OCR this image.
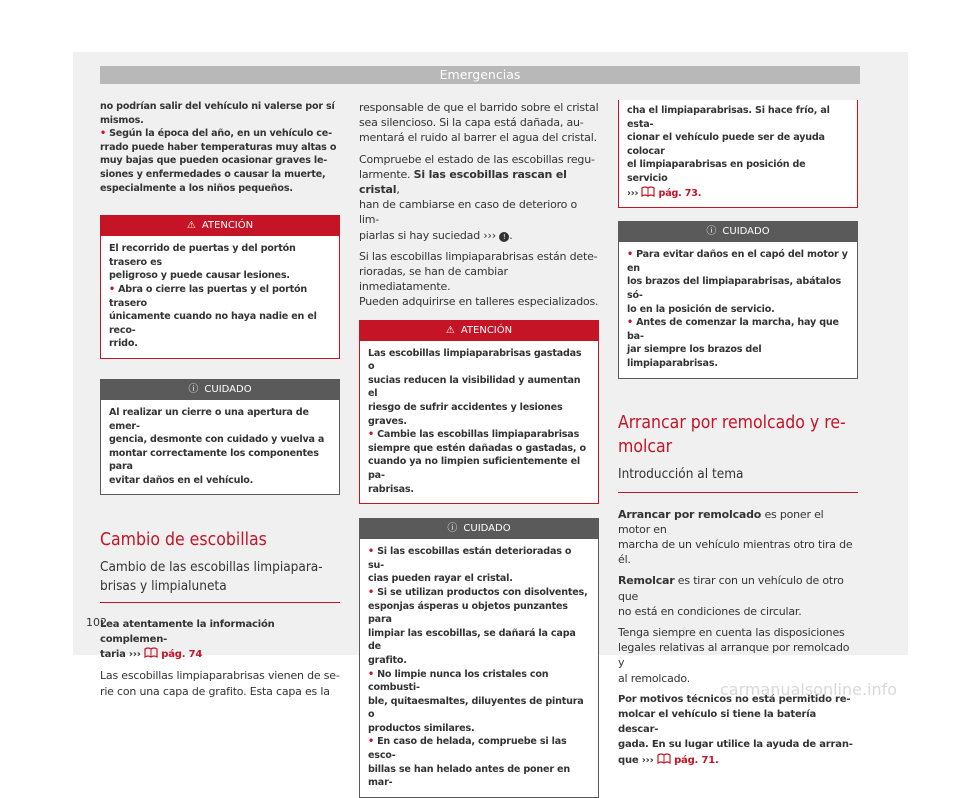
Emergencias
no podrían salir del vehículo ni valerse por sí
mismos.
• Según la época del año, en un vehículo ce-
rrado puede haber temperaturas muy altas o
muy bajas que pueden ocasionar graves le-
siones y enfermedades o causar la muerte,
especialmente a los niños pequeños.
⚠ ATENCIÓN
El recorrido de puertas y del portón trasero es
peligroso y puede causar lesiones.
• Abra o cierre las puertas y el portón trasero
únicamente cuando no haya nadie en el reco-
rrido.
ⓘ CUIDADO
Al realizar un cierre o una apertura de emer-
gencia, desmonte con cuidado y vuelva a
montar correctamente los componentes para
evitar daños en el vehículo.
Cambio de escobillas
Cambio de las escobillas limpiapara-
brisas y limpialuneta
Lea atentamente la información complemen-
taria ›››  pág. 74
Las escobillas limpiaparabrisas vienen de se-
rie con una capa de grafito. Esta capa es la
responsable de que el barrido sobre el cristal
sea silencioso. Si la capa está dañada, au-
mentará el ruido al barrer el agua del cristal.
Compruebe el estado de las escobillas regu-
larmente. Si las escobillas rascan el cristal,
han de cambiarse en caso de deterioro o lim-
piarlas si hay suciedad ››› ! .
Si las escobillas limpiaparabrisas están dete-
rioradas, se han de cambiar inmediatamente.
Pueden adquirirse en talleres especializados.
⚠ ATENCIÓN
Las escobillas limpiaparabrisas gastadas o
sucias reducen la visibilidad y aumentan el
riesgo de sufrir accidentes y lesiones graves.
• Cambie las escobillas limpiaparabrisas
siempre que estén dañadas o gastadas, o
cuando ya no limpien suficientemente el pa-
rabrisas.
ⓘ CUIDADO
• Si las escobillas están deterioradas o su-
cias pueden rayar el cristal.
• Si se utilizan productos con disolventes,
esponjas ásperas u objetos punzantes para
limpiar las escobillas, se dañará la capa de
grafito.
• No limpie nunca los cristales con combusti-
ble, quitaesmaltes, diluyentes de pintura o
productos similares.
• En caso de helada, compruebe si las esco-
billas se han helado antes de poner en mar-
cha el limpiaparabrisas. Si hace frío, al esta-
cionar el vehículo puede ser de ayuda colocar
el limpiaparabrisas en posición de servicio
›››  pág. 73.
ⓘ CUIDADO
• Para evitar daños en el capó del motor y en
los brazos del limpiaparabrisas, abátalos só-
lo en la posición de servicio.
• Antes de comenzar la marcha, hay que ba-
jar siempre los brazos del limpiaparabrisas.
Arrancar por remolcado y re-
molcar
Introducción al tema
Arrancar por remolcado es poner el motor en
marcha de un vehículo mientras otro tira de
él.
Remolcar es tirar con un vehículo de otro que
no está en condiciones de circular.
Tenga siempre en cuenta las disposiciones
legales relativas al arranque por remolcado y
al remolcado.
Por motivos técnicos no está permitido re-
molcar el vehículo si tiene la batería descar-
gada. En su lugar utilice la ayuda de arran-
que ›››  pág. 71.
102
carmanualsonline.info
